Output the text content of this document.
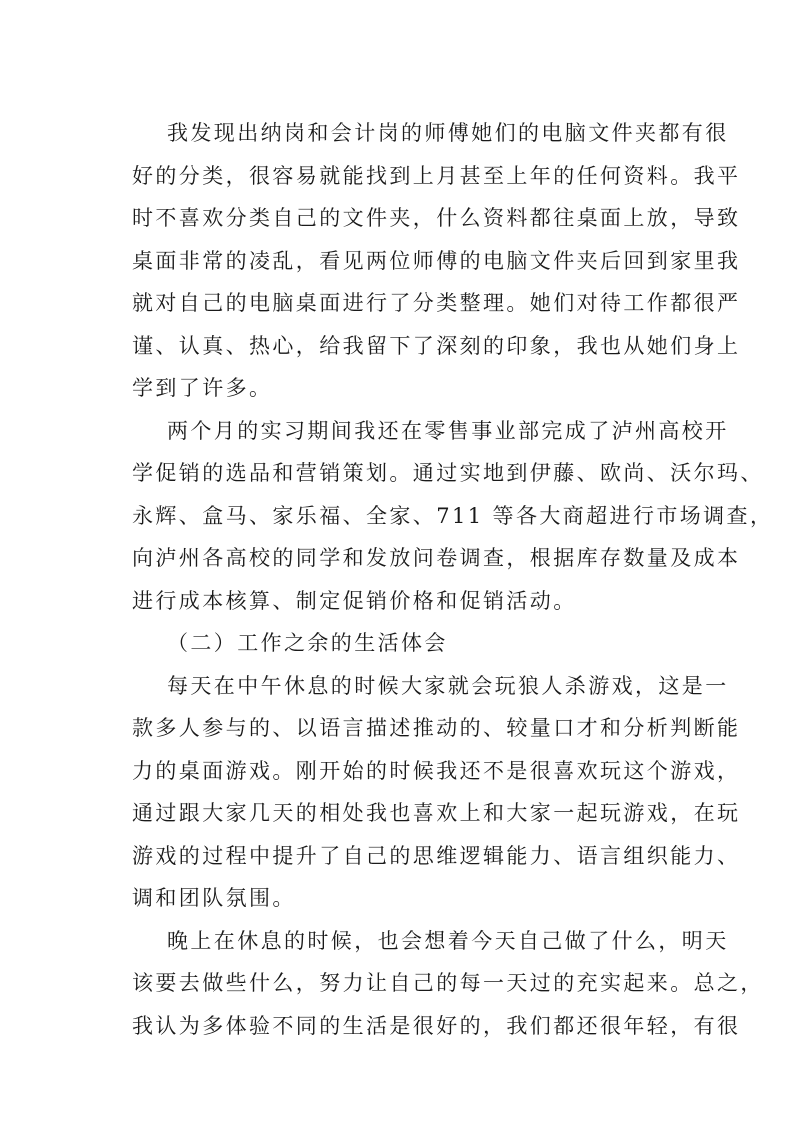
我发现出纳岗和会计岗的师傅她们的电脑文件夹都有很
好的分类，很容易就能找到上月甚至上年的任何资料。我平
时不喜欢分类自己的文件夹，什么资料都往桌面上放，导致
桌面非常的凌乱，看见两位师傅的电脑文件夹后回到家里我
就对自己的电脑桌面进行了分类整理。她们对待工作都很严
谨、认真、热心，给我留下了深刻的印象，我也从她们身上
学到了许多。
两个月的实习期间我还在零售事业部完成了泸州高校开
学促销的选品和营销策划。通过实地到伊藤、欧尚、沃尔玛、
永辉、盒马、家乐福、全家、711 等各大商超进行市场调查，
向泸州各高校的同学和发放问卷调查，根据库存数量及成本
进行成本核算、制定促销价格和促销活动。
（二）工作之余的生活体会
每天在中午休息的时候大家就会玩狼人杀游戏，这是一
款多人参与的、以语言描述推动的、较量口才和分析判断能
力的桌面游戏。刚开始的时候我还不是很喜欢玩这个游戏，
通过跟大家几天的相处我也喜欢上和大家一起玩游戏，在玩
游戏的过程中提升了自己的思维逻辑能力、语言组织能力、
调和团队氛围。
晚上在休息的时候，也会想着今天自己做了什么，明天
该要去做些什么，努力让自己的每一天过的充实起来。总之，
我认为多体验不同的生活是很好的，我们都还很年轻，有很
